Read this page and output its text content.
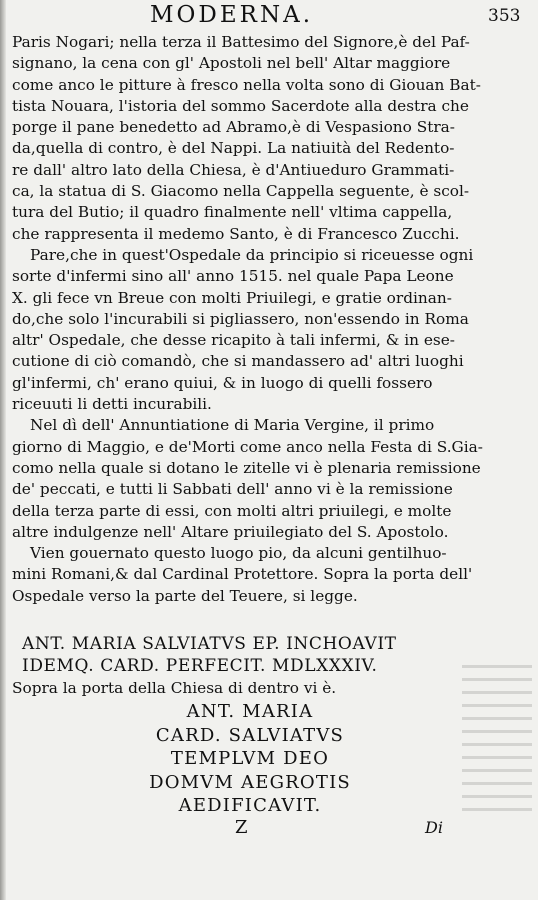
MODERNA.	353
Paris Nogari; nella terza il Battesimo del Signore,è del Paf-
signano, la cena con gl' Apostoli nel bell' Altar maggiore
come anco le pitture à fresco nella volta sono di Giouan Bat-
tista Nouara, l'istoria del sommo Sacerdote alla destra che
porge il pane benedetto ad Abramo,è di Vespasiono Stra-
da,quella di contro, è del Nappi. La natiuità del Redento-
re dall' altro lato della Chiesa, è d'Antiueduro Grammati-
ca, la statua di S. Giacomo nella Cappella seguente, è scol-
tura del Butio; il quadro finalmente nell' vltima cappella,
che rappresenta il medemo Santo, è di Francesco Zucchi.
Pare,che in quest'Ospedale da principio si riceuesse ogni
sorte d'infermi sino all' anno 1515. nel quale Papa Leone
X. gli fece vn Breue con molti Priuilegi, e gratie ordinan-
do,che solo l'incurabili si pigliassero, non'essendo in Roma
altr' Ospedale, che desse ricapito à tali infermi, & in ese-
cutione di ciò comandò, che si mandassero ad' altri luoghi
gl'infermi, ch' erano quiui, & in luogo di quelli fossero
riceuuti li detti incurabili.
Nel dì dell' Annuntiatione di Maria Vergine, il primo
giorno di Maggio, e de'Morti come anco nella Festa di S.Gia-
como nella quale si dotano le zitelle vi è plenaria remissione
de' peccati, e tutti li Sabbati dell' anno vi è la remissione
della terza parte di essi, con molti altri priuilegi, e molte
altre indulgenze nell' Altare priuilegiato del S. Apostolo.
Vien gouernato questo luogo pio, da alcuni gentilhuo-
mini Romani,& dal Cardinal Protettore. Sopra la porta dell'
Ospedale verso la parte del Teuere, si legge.
ANT. MARIA SALVIATVS EP. INCHOAVIT
IDEMQ. CARD. PERFECIT. MDLXXXIV.
Sopra la porta della Chiesa di dentro vi è.
ANT. MARIA
CARD. SALVIATVS
TEMPLVM DEO
DOMVM AEGROTIS
AEDIFICAVIT.
Z	Di
